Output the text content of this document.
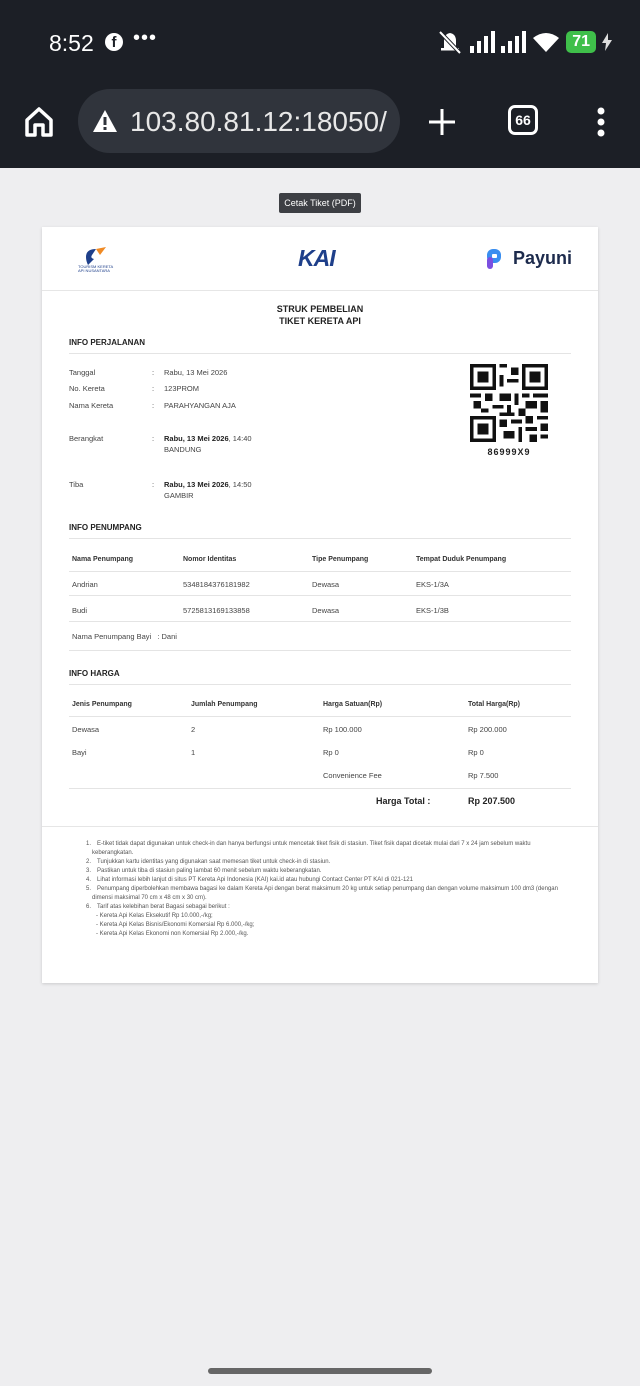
8:52	f •••	71
103.80.81.12:18050/	66
Cetak Tiket (PDF)
TOURISM KERETA API NUSANTARA	KAI	Payuni
STRUK PEMBELIAN
TIKET KERETA API
INFO PERJALANAN
Tanggal	: Rabu, 13 Mei 2026
No. Kereta	: 123PROM
Nama Kereta	: PARAHYANGAN AJA
Berangkat	: Rabu, 13 Mei 2026, 14:40
BANDUNG
Tiba	: Rabu, 13 Mei 2026, 14:50
GAMBIR
86999X9
INFO PENUMPANG
Nama Penumpang	Nomor Identitas	Tipe Penumpang	Tempat Duduk Penumpang
Andrian	5348184376181982	Dewasa	EKS-1/3A
Budi	5725813169133858	Dewasa	EKS-1/3B
Nama Penumpang Bayi : Dani
INFO HARGA
Jenis Penumpang	Jumlah Penumpang	Harga Satuan(Rp)	Total Harga(Rp)
Dewasa	2	Rp 100.000	Rp 200.000
Bayi	1	Rp 0	Rp 0
Convenience Fee	Rp 7.500
Harga Total :	Rp 207.500
1. E-tiket tidak dapat digunakan untuk check-in dan hanya berfungsi untuk mencetak tiket fisik di stasiun. Tiket fisik dapat dicetak mulai dari 7 x 24 jam sebelum waktu keberangkatan.
2. Tunjukkan kartu identitas yang digunakan saat memesan tiket untuk check-in di stasiun.
3. Pastikan untuk tiba di stasiun paling lambat 60 menit sebelum waktu keberangkatan.
4. Lihat informasi lebih lanjut di situs PT Kereta Api Indonesia (KAI) kai.id atau hubungi Contact Center PT KAI di 021-121
5. Penumpang diperbolehkan membawa bagasi ke dalam Kereta Api dengan berat maksimum 20 kg untuk setiap penumpang dan dengan volume maksimum 100 dm3 (dengan dimensi maksimal 70 cm x 48 cm x 30 cm).
6. Tarif atas kelebihan berat Bagasi sebagai berikut :
- Kereta Api Kelas Eksekutif Rp 10.000,-/kg;
- Kereta Api Kelas Bisnis/Ekonomi Komersial Rp 6.000,-/kg;
- Kereta Api Kelas Ekonomi non Komersial Rp 2.000,-/kg.
